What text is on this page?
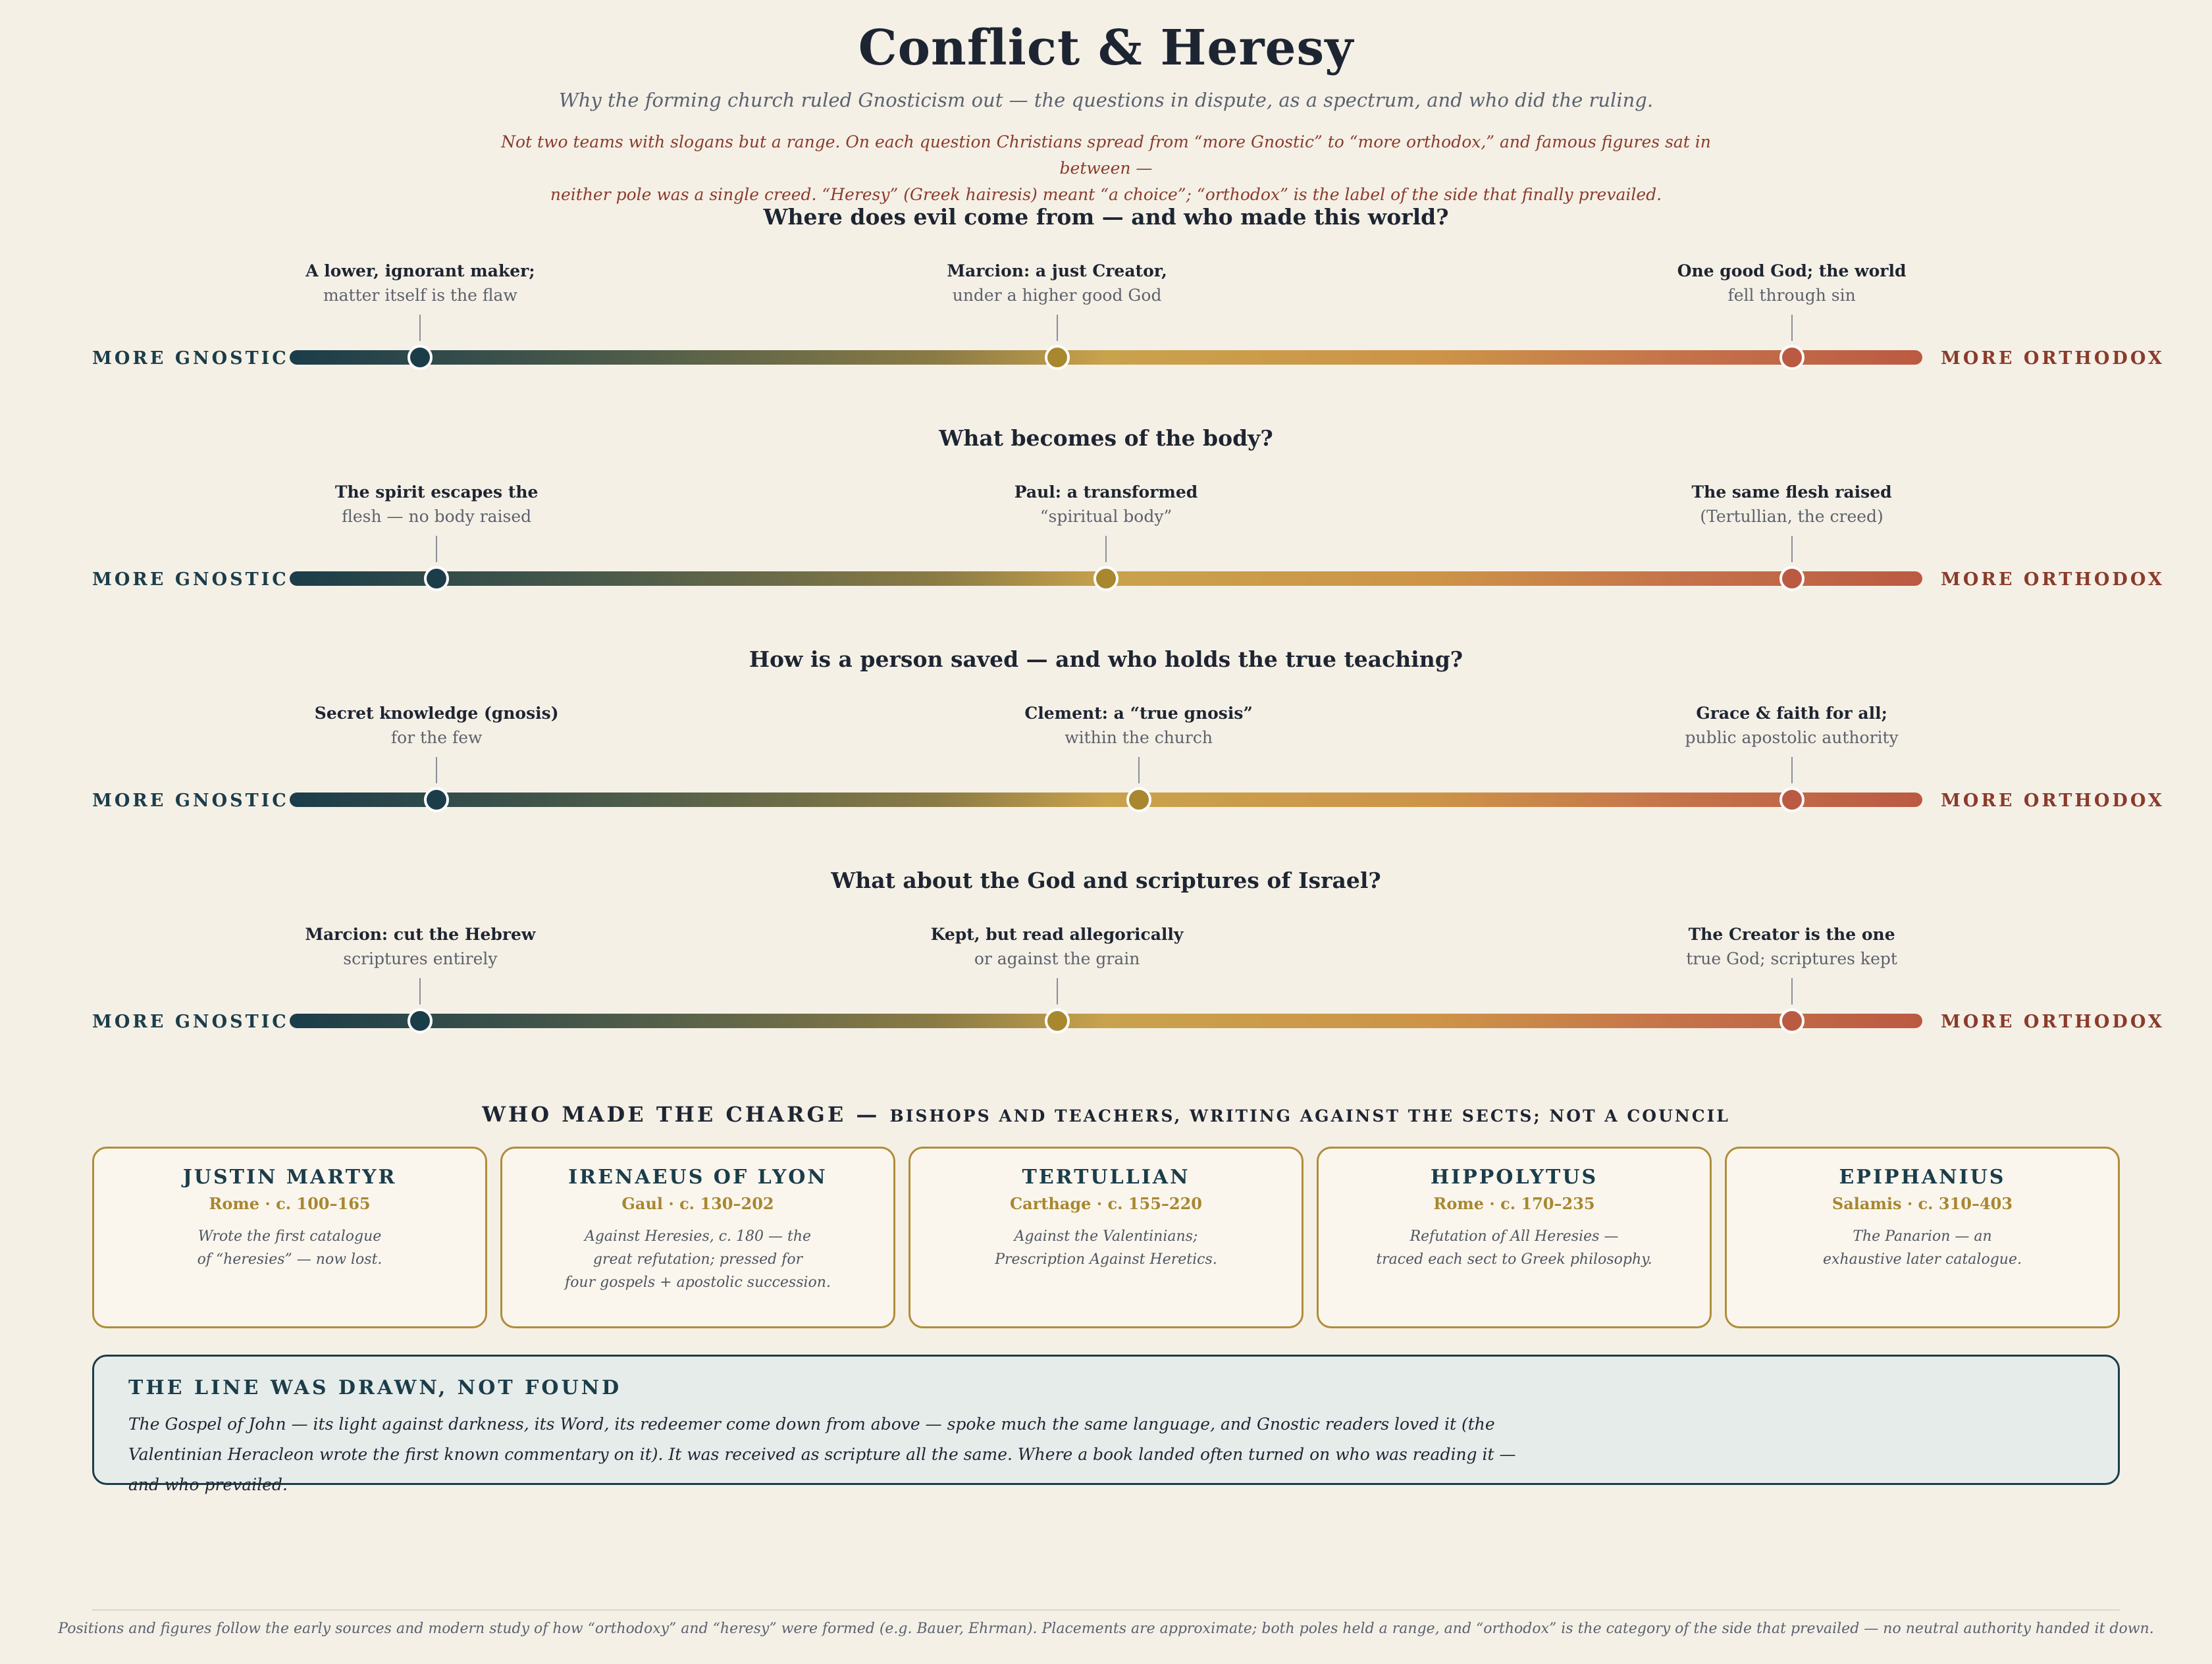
Conflict & Heresy
Why the forming church ruled Gnosticism out — the questions in dispute, as a spectrum, and who did the ruling.
Not two teams with slogans but a range. On each question Christians spread from “more Gnostic” to “more orthodox,” and famous figures sat in between —
neither pole was a single creed. “Heresy” (Greek hairesis) meant “a choice”; “orthodox” is the label of the side that finally prevailed.
Where does evil come from — and who made this world?
MORE GNOSTIC	MORE ORTHODOX
A lower, ignorant maker;
matter itself is the flaw
Marcion: a just Creator,
under a higher good God
One good God; the world
fell through sin
What becomes of the body?
MORE GNOSTIC	MORE ORTHODOX
The spirit escapes the
flesh — no body raised
Paul: a transformed
“spiritual body”
The same flesh raised
(Tertullian, the creed)
How is a person saved — and who holds the true teaching?
MORE GNOSTIC	MORE ORTHODOX
Secret knowledge (gnosis)
for the few
Clement: a “true gnosis”
within the church
Grace & faith for all;
public apostolic authority
What about the God and scriptures of Israel?
MORE GNOSTIC	MORE ORTHODOX
Marcion: cut the Hebrew
scriptures entirely
Kept, but read allegorically
or against the grain
The Creator is the one
true God; scriptures kept
WHO MADE THE CHARGE — BISHOPS AND TEACHERS, WRITING AGAINST THE SECTS; NOT A COUNCIL
JUSTIN MARTYR
Rome · c. 100–165
Wrote the first catalogue
of “heresies” — now lost.
IRENAEUS OF LYON
Gaul · c. 130–202
Against Heresies, c. 180 — the
great refutation; pressed for
four gospels + apostolic succession.
TERTULLIAN
Carthage · c. 155–220
Against the Valentinians;
Prescription Against Heretics.
HIPPOLYTUS
Rome · c. 170–235
Refutation of All Heresies —
traced each sect to Greek philosophy.
EPIPHANIUS
Salamis · c. 310–403
The Panarion — an
exhaustive later catalogue.
THE LINE WAS DRAWN, NOT FOUND
The Gospel of John — its light against darkness, its Word, its redeemer come down from above — spoke much the same language, and Gnostic readers loved it (the
Valentinian Heracleon wrote the first known commentary on it). It was received as scripture all the same. Where a book landed often turned on who was reading it — and who prevailed.
Positions and figures follow the early sources and modern study of how “orthodoxy” and “heresy” were formed (e.g. Bauer, Ehrman). Placements are approximate; both poles held a range, and “orthodox” is the category of the side that prevailed — no neutral authority handed it down.
